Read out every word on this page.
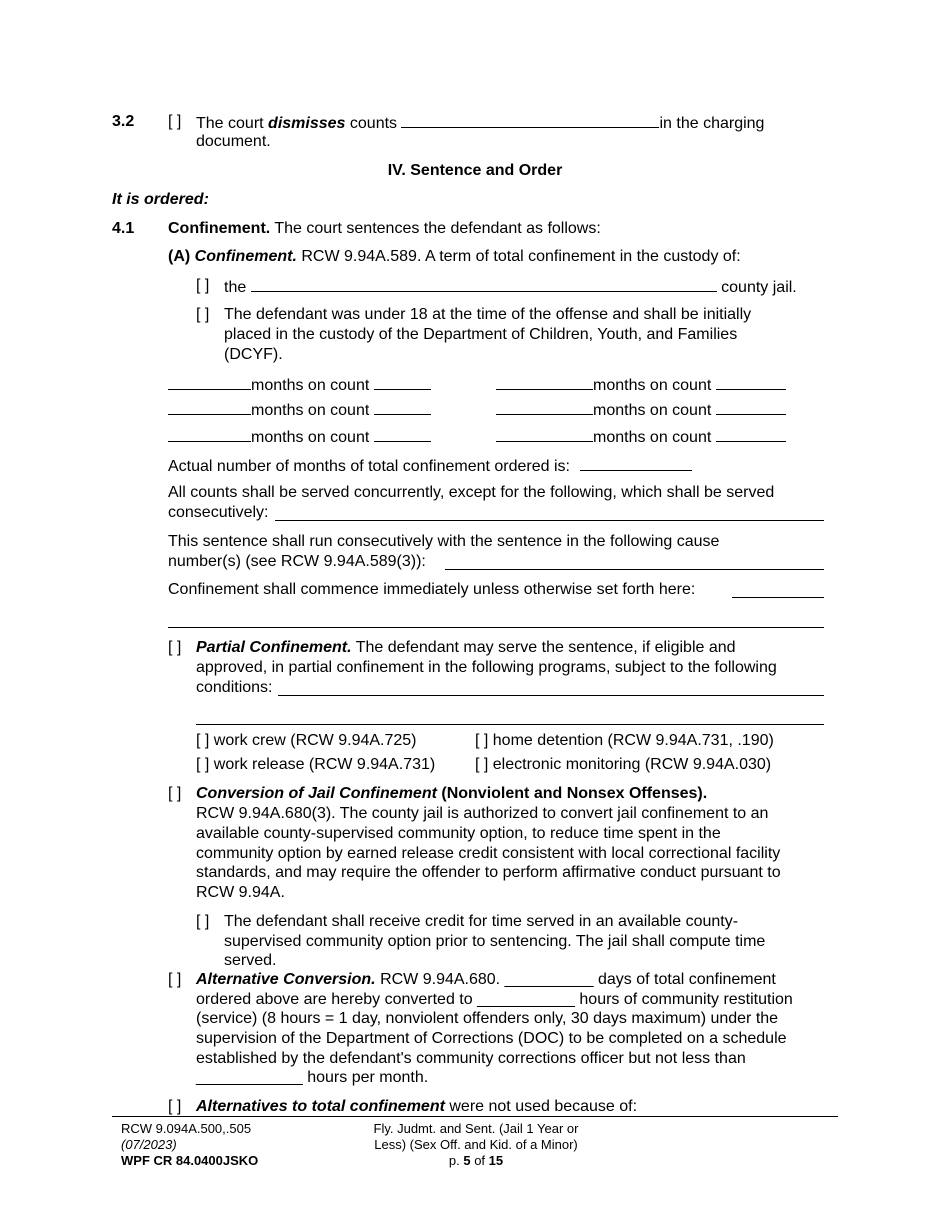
3.2 [ ] The court dismisses counts	in the charging
document.
IV. Sentence and Order
It is ordered:
4.1 Confinement. The court sentences the defendant as follows:
(A) Confinement. RCW 9.94A.589. A term of total confinement in the custody of:
[ ] the	county jail.
[ ] The defendant was under 18 at the time of the offense and shall be initially
placed in the custody of the Department of Children, Youth, and Families
(DCYF).
months on count	months on count
months on count	months on count
months on count	months on count
Actual number of months of total confinement ordered is:
All counts shall be served concurrently, except for the following, which shall be served
consecutively:
This sentence shall run consecutively with the sentence in the following cause
number(s) (see RCW 9.94A.589(3)):
Confinement shall commence immediately unless otherwise set forth here:
[ ] Partial Confinement. The defendant may serve the sentence, if eligible and
approved, in partial confinement in the following programs, subject to the following
conditions:
[ ] work crew (RCW 9.94A.725)	[ ] home detention (RCW 9.94A.731, .190)
[ ] work release (RCW 9.94A.731) [ ] electronic monitoring (RCW 9.94A.030)
[ ] Conversion of Jail Confinement (Nonviolent and Nonsex Offenses).
RCW 9.94A.680(3). The county jail is authorized to convert jail confinement to an
available county-supervised community option, to reduce time spent in the
community option by earned release credit consistent with local correctional facility
standards, and may require the offender to perform affirmative conduct pursuant to
RCW 9.94A.
[ ] The defendant shall receive credit for time served in an available county-
supervised community option prior to sentencing. The jail shall compute time
served.
[ ] Alternative Conversion. RCW 9.94A.680. __________ days of total confinement
ordered above are hereby converted to ___________ hours of community restitution
(service) (8 hours = 1 day, nonviolent offenders only, 30 days maximum) under the
supervision of the Department of Corrections (DOC) to be completed on a schedule
established by the defendant's community corrections officer but not less than
____________ hours per month.
[ ] Alternatives to total confinement were not used because of:
RCW 9.094A.500,.505
(07/2023)
WPF CR 84.0400JSKO
Fly. Judmt. and Sent. (Jail 1 Year or
Less) (Sex Off. and Kid. of a Minor)
p. 5 of 15
